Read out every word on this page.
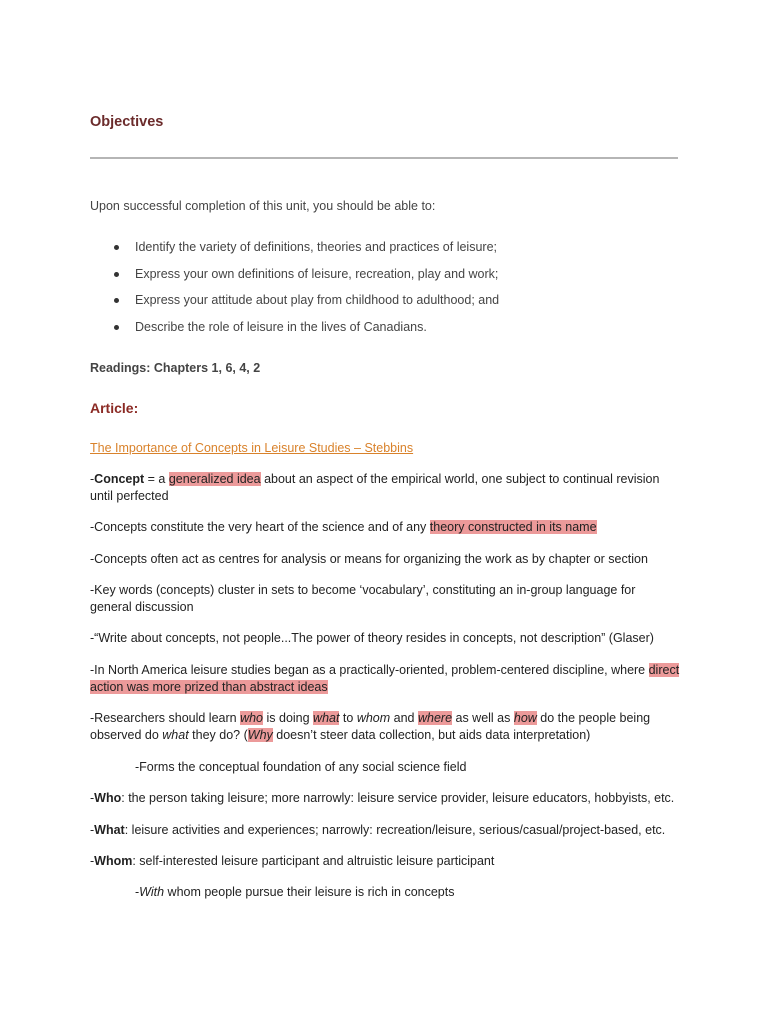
Objectives
Upon successful completion of this unit, you should be able to:
Identify the variety of definitions, theories and practices of leisure;
Express your own definitions of leisure, recreation, play and work;
Express your attitude about play from childhood to adulthood; and
Describe the role of leisure in the lives of Canadians.
Readings: Chapters 1, 6, 4, 2
Article:
The Importance of Concepts in Leisure Studies – Stebbins
-Concept = a generalized idea about an aspect of the empirical world, one subject to continual revision until perfected
-Concepts constitute the very heart of the science and of any theory constructed in its name
-Concepts often act as centres for analysis or means for organizing the work as by chapter or section
-Key words (concepts) cluster in sets to become ‘vocabulary’, constituting an in-group language for general discussion
-“Write about concepts, not people...The power of theory resides in concepts, not description” (Glaser)
-In North America leisure studies began as a practically-oriented, problem-centered discipline, where direct action was more prized than abstract ideas
-Researchers should learn who is doing what to whom and where as well as how do the people being observed do what they do? (Why doesn’t steer data collection, but aids data interpretation)
-Forms the conceptual foundation of any social science field
-Who: the person taking leisure; more narrowly: leisure service provider, leisure educators, hobbyists, etc.
-What: leisure activities and experiences; narrowly: recreation/leisure, serious/casual/project-based, etc.
-Whom: self-interested leisure participant and altruistic leisure participant
-With whom people pursue their leisure is rich in concepts
